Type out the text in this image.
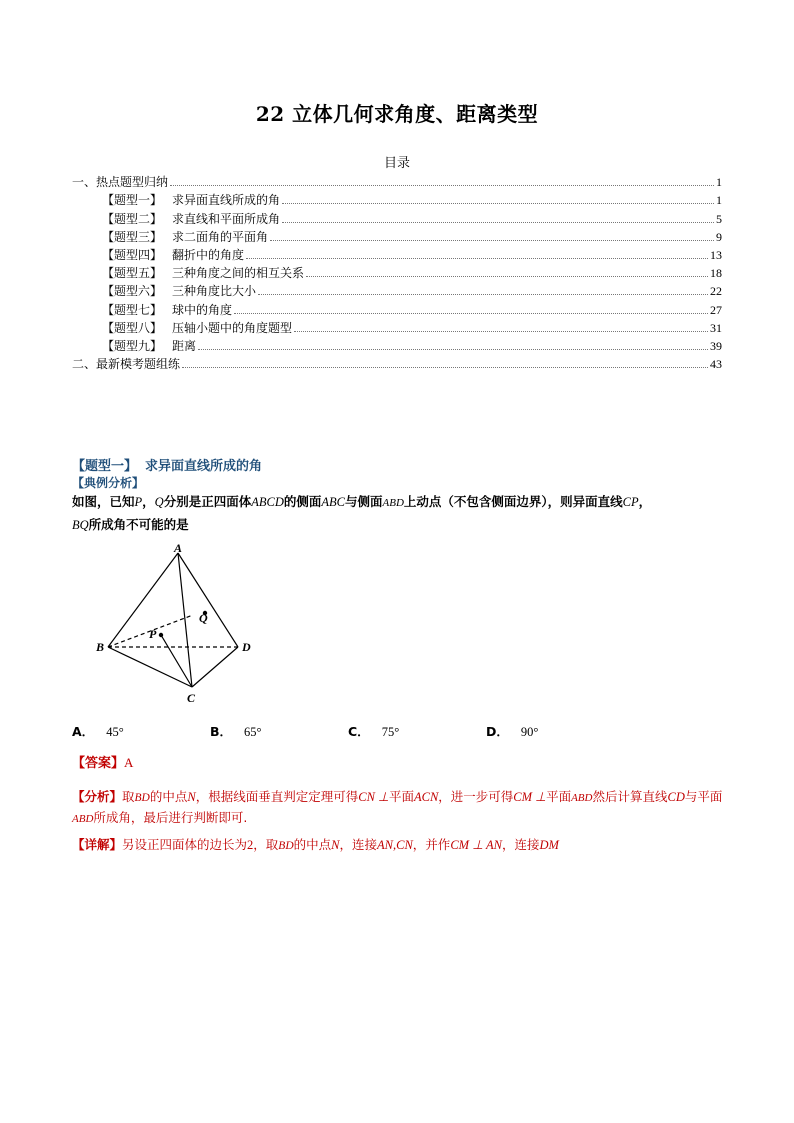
22 立体几何求角度、距离类型
目录
一、热点题型归纳	1
【题型一】 求异面直线所成的角	1
【题型二】 求直线和平面所成角	5
【题型三】 求二面角的平面角	9
【题型四】 翻折中的角度	13
【题型五】 三种角度之间的相互关系	18
【题型六】 三种角度比大小	22
【题型七】 球中的角度	27
【题型八】 压轴小题中的角度题型	31
【题型九】 距离	39
二、最新模考题组练	43
【题型一】 求异面直线所成的角
【典例分析】
如图，已知P，Q分别是正四面体ABCD的侧面ABC与侧面ABD上动点（不包含侧面边界），则异面直线CP，
BQ所成角不可能的是
A
B	D
C
P
Q
A． 45°	B． 65°	C． 75°	D． 90°
【答案】A
【分析】取BD的中点N，根据线面垂直判定定理可得CN ⊥平面ACN，进一步可得CM ⊥平面ABD然后计算直线CD与平面ABD所成角，最后进行判断即可.
【详解】另设正四面体的边长为2，取BD的中点N，连接AN,CN，并作CM ⊥ AN，连接DM
